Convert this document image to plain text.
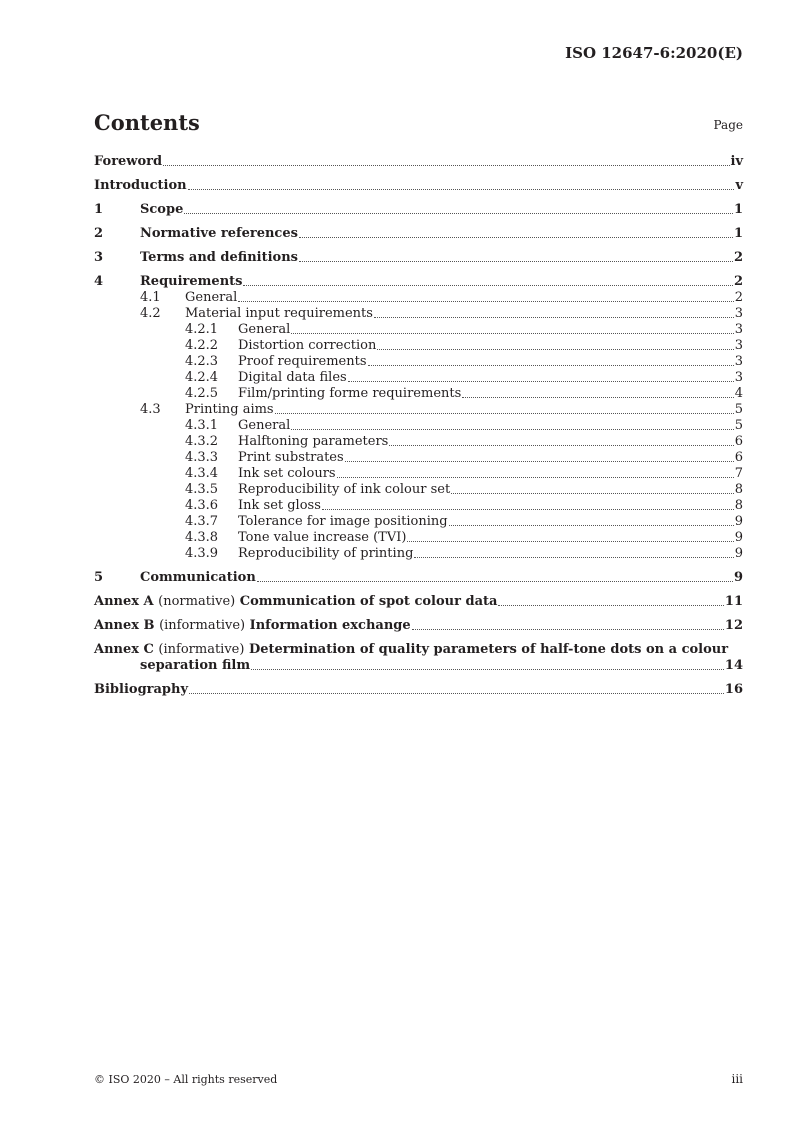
ISO 12647-6:2020(E)
Contents	Page
Foreword	iv
Introduction	v
1	Scope	1
2	Normative references	1
3	Terms and definitions	2
4	Requirements	2
4.1 General	2
4.2 Material input requirements	3
4.2.1 General	3
4.2.2 Distortion correction	3
4.2.3 Proof requirements	3
4.2.4 Digital data files	3
4.2.5 Film/printing forme requirements	4
4.3 Printing aims	5
4.3.1 General	5
4.3.2 Halftoning parameters	6
4.3.3 Print substrates	6
4.3.4 Ink set colours	7
4.3.5 Reproducibility of ink colour set	8
4.3.6 Ink set gloss	8
4.3.7 Tolerance for image positioning	9
4.3.8 Tone value increase (TVI)	9
4.3.9 Reproducibility of printing	9
5	Communication	9
Annex A (normative) Communication of spot colour data	11
Annex B (informative) Information exchange	12
Annex C (informative) Determination of quality parameters of half-tone dots on a colour
separation film	14
Bibliography	16
© ISO 2020 – All rights reserved	iii
